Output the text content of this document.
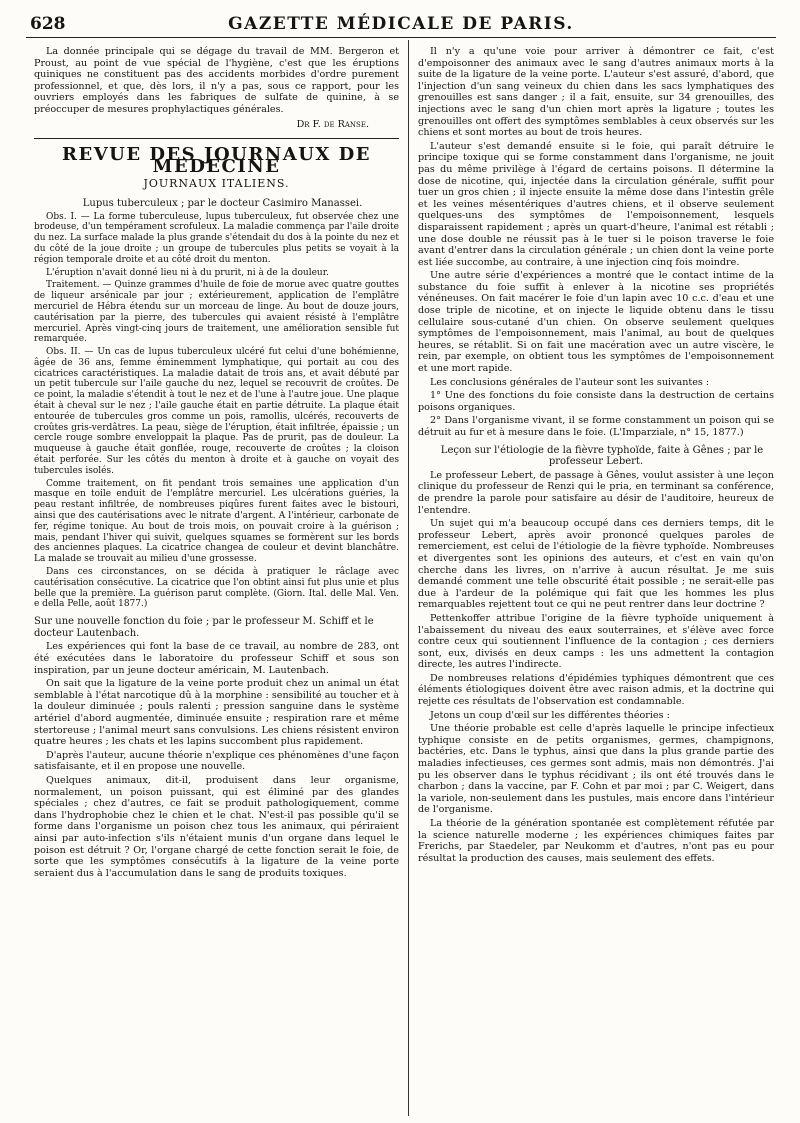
628	GAZETTE MÉDICALE DE PARIS.

La donnée principale qui se dégage du travail de MM. Bergeron et Proust, au point de vue spécial de l'hygiène, c'est que les éruptions quiniques ne constituent pas des accidents morbides d'ordre purement professionnel, et que, dès lors, il n'y a pas, sous ce rapport, pour les ouvriers employés dans les fabriques de sulfate de quinine, à se préoccuper de mesures prophylactiques générales.

Dr F. de Ranse.
REVUE DES JOURNAUX DE MEDECINE
JOURNAUX ITALIENS.

Lupus tuberculeux ; par le docteur Casimiro Manassei.

Obs. I. — La forme tuberculeuse, lupus tuberculeux, fut observée chez une brodeuse, d'un tempérament scrofuleux. La maladie commença par l'aile droite du nez. La surface malade la plus grande s'étendait du dos à la pointe du nez et du côté de la joue droite ; un groupe de tubercules plus petits se voyait à la région temporale droite et au côté droit du menton.

L'éruption n'avait donné lieu ni à du prurit, ni à de la douleur.

Traitement. — Quinze grammes d'huile de foie de morue avec quatre gouttes de liqueur arsénicale par jour ; extérieurement, application de l'emplâtre mercuriel de Hébra étendu sur un morceau de linge. Au bout de douze jours, cautérisation par la pierre, des tubercules qui avaient résisté à l'emplâtre mercuriel. Après vingt-cinq jours de traitement, une amélioration sensible fut remarquée.

Obs. II. — Un cas de lupus tuberculeux ulcéré fut celui d'une bohémienne, âgée de 36 ans, femme éminemment lymphatique, qui portait au cou des cicatrices caractéristiques. La maladie datait de trois ans, et avait débuté par un petit tubercule sur l'aile gauche du nez, lequel se recouvrit de croûtes. De ce point, la maladie s'étendit à tout le nez et de l'une à l'autre joue. Une plaque était à cheval sur le nez ; l'aile gauche était en partie détruite. La plaque était entourée de tubercules gros comme un pois, ramollis, ulcérés, recouverts de croûtes gris-verdâtres. La peau, siège de l'éruption, était infiltrée, épaissie ; un cercle rouge sombre enveloppait la plaque. Pas de prurit, pas de douleur. La muqueuse à gauche était gonflée, rouge, recouverte de croûtes ; la cloison était perforée. Sur les côtés du menton à droite et à gauche on voyait des tubercules isolés.

Comme traitement, on fit pendant trois semaines une application d'un masque en toile enduit de l'emplâtre mercuriel. Les ulcérations guéries, la peau restant infiltrée, de nombreuses piqûres furent faites avec le bistouri, ainsi que des cautérisations avec le nitrate d'argent. A l'intérieur, carbonate de fer, régime tonique. Au bout de trois mois, on pouvait croire à la guérison ; mais, pendant l'hiver qui suivit, quelques squames se formèrent sur les bords des anciennes plaques. La cicatrice changea de couleur et devint blanchâtre. La malade se trouvait au milieu d'une grossesse.

Dans ces circonstances, on se décida à pratiquer le râclage avec cautérisation consécutive. La cicatrice que l'on obtint ainsi fut plus unie et plus belle que la première. La guérison parut complète. (Giorn. Ital. delle Mal. Ven. e della Pelle, août 1877.)

Sur une nouvelle fonction du foie ; par le professeur M. Schiff et le docteur Lautenbach.

Les expériences qui font la base de ce travail, au nombre de 283, ont été exécutées dans le laboratoire du professeur Schiff et sous son inspiration, par un jeune docteur américain, M. Lautenbach.

On sait que la ligature de la veine porte produit chez un animal un état semblable à l'état narcotique dû à la morphine : sensibilité au toucher et à la douleur diminuée ; pouls ralenti ; pression sanguine dans le système artériel d'abord augmentée, diminuée ensuite ; respiration rare et même stertoreuse ; l'animal meurt sans convulsions. Les chiens résistent environ quatre heures ; les chats et les lapins succombent plus rapidement.

D'après l'auteur, aucune théorie n'explique ces phénomènes d'une façon satisfaisante, et il en propose une nouvelle.

Quelques animaux, dit-il, produisent dans leur organisme, normalement, un poison puissant, qui est éliminé par des glandes spéciales ; chez d'autres, ce fait se produit pathologiquement, comme dans l'hydrophobie chez le chien et le chat. N'est-il pas possible qu'il se forme dans l'organisme un poison chez tous les animaux, qui périraient ainsi par auto-infection s'ils n'étaient munis d'un organe dans lequel le poison est détruit ? Or, l'organe chargé de cette fonction serait le foie, de sorte que les symptômes consécutifs à la ligature de la veine porte seraient dus à l'accumulation dans le sang de produits toxiques.

Il n'y a qu'une voie pour arriver à démontrer ce fait, c'est d'empoisonner des animaux avec le sang d'autres animaux morts à la suite de la ligature de la veine porte. L'auteur s'est assuré, d'abord, que l'injection d'un sang veineux du chien dans les sacs lymphatiques des grenouilles est sans danger ; il a fait, ensuite, sur 34 grenouilles, des injections avec le sang d'un chien mort après la ligature ; toutes les grenouilles ont offert des symptômes semblables à ceux observés sur les chiens et sont mortes au bout de trois heures.

L'auteur s'est demandé ensuite si le foie, qui paraît détruire le principe toxique qui se forme constamment dans l'organisme, ne jouit pas du même privilège à l'égard de certains poisons. Il détermine la dose de nicotine, qui, injectée dans la circulation générale, suffit pour tuer un gros chien ; il injecte ensuite la même dose dans l'intestin grêle et les veines mésentériques d'autres chiens, et il observe seulement quelques-uns des symptômes de l'empoisonnement, lesquels disparaissent rapidement ; après un quart-d'heure, l'animal est rétabli ; une dose double ne réussit pas à le tuer si le poison traverse le foie avant d'entrer dans la circulation générale ; un chien dont la veine porte est liée succombe, au contraire, à une injection cinq fois moindre.

Une autre série d'expériences a montré que le contact intime de la substance du foie suffit à enlever à la nicotine ses propriétés vénéneuses. On fait macérer le foie d'un lapin avec 10 c.c. d'eau et une dose triple de nicotine, et on injecte le liquide obtenu dans le tissu cellulaire sous-cutané d'un chien. On observe seulement quelques symptômes de l'empoisonnement, mais l'animal, au bout de quelques heures, se rétablit. Si on fait une macération avec un autre viscère, le rein, par exemple, on obtient tous les symptômes de l'empoisonnement et une mort rapide.

Les conclusions générales de l'auteur sont les suivantes :

1° Une des fonctions du foie consiste dans la destruction de certains poisons organiques.

2° Dans l'organisme vivant, il se forme constamment un poison qui se détruit au fur et à mesure dans le foie. (L'Imparziale, n° 15, 1877.)

Leçon sur l'étiologie de la fièvre typhoïde, faite à Gênes ; par le professeur Lebert.

Le professeur Lebert, de passage à Gênes, voulut assister à une leçon clinique du professeur de Renzi qui le pria, en terminant sa conférence, de prendre la parole pour satisfaire au désir de l'auditoire, heureux de l'entendre.

Un sujet qui m'a beaucoup occupé dans ces derniers temps, dit le professeur Lebert, après avoir prononcé quelques paroles de remerciement, est celui de l'étiologie de la fièvre typhoïde. Nombreuses et divergentes sont les opinions des auteurs, et c'est en vain qu'on cherche dans les livres, on n'arrive à aucun résultat. Je me suis demandé comment une telle obscurité était possible ; ne serait-elle pas due à l'ardeur de la polémique qui fait que les hommes les plus remarquables rejettent tout ce qui ne peut rentrer dans leur doctrine ?

Pettenkoffer attribue l'origine de la fièvre typhoïde uniquement à l'abaissement du niveau des eaux souterraines, et s'élève avec force contre ceux qui soutiennent l'influence de la contagion ; ces derniers sont, eux, divisés en deux camps : les uns admettent la contagion directe, les autres l'indirecte.

De nombreuses relations d'épidémies typhiques démontrent que ces éléments étiologiques doivent être avec raison admis, et la doctrine qui rejette ces résultats de l'observation est condamnable.

Jetons un coup d'œil sur les différentes théories :

Une théorie probable est celle d'après laquelle le principe infectieux typhique consiste en de petits organismes, germes, champignons, bactéries, etc. Dans le typhus, ainsi que dans la plus grande partie des maladies infectieuses, ces germes sont admis, mais non démontrés. J'ai pu les observer dans le typhus récidivant ; ils ont été trouvés dans le charbon ; dans la vaccine, par F. Cohn et par moi ; par C. Weigert, dans la variole, non-seulement dans les pustules, mais encore dans l'intérieur de l'organisme.

La théorie de la génération spontanée est complètement réfutée par la science naturelle moderne ; les expériences chimiques faites par Frerichs, par Staedeler, par Neukomm et d'autres, n'ont pas eu pour résultat la production des causes, mais seulement des effets.
